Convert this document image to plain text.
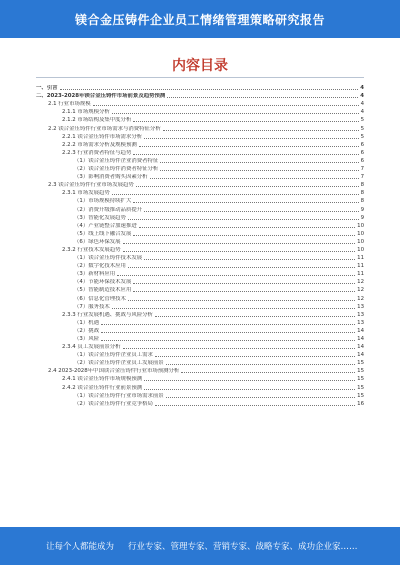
镁合金压铸件企业员工情绪管理策略研究报告
内容目录
一、引言	4
二、2023-2028年镁合金压铸件市场前景及趋势预测	4
2.1 行业市场规模	4
2.1.1 市场规模分析	4
2.1.2 市场结构及集中度分析	5
2.2 镁合金压铸件行业市场需求与消费特征分析	5
2.2.1 镁合金压铸件市场需求分析	5
2.2.2 市场需求分析及规模预测	6
2.2.3 行业消费者特征与趋势	6
（1）镁合金压铸件企业消费者特征	6
（2）镁合金压铸件消费者特征分析	7
（3）影响消费者购买因素分析	7
2.3 镁合金压铸件行业市场发展趋势	8
2.3.1 市场发展趋势	8
（1）市场规模持续扩大	8
（2）消费升级推动品质提升	9
（3）智能化发展趋势	9
（4）产业链整合加速推进	10
（5）线上线下融合发展	10
（6）绿色环保发展	10
2.3.2 行业技术发展趋势	10
（1）镁合金压铸件技术发展	11
（2）数字化技术应用	11
（3）新材料应用	11
（4）节能环保技术发展	12
（5）智能制造技术应用	12
（6）信息化管理技术	12
（7）服务技术	13
2.3.3 行业发展机遇、挑战与风险分析	13
（1）机遇	13
（2）挑战	14
（3）风险	14
2.3.4 员工发展前景分析	14
（1）镁合金压铸件企业员工需求	14
（2）镁合金压铸件企业员工发展前景	15
2.4 2023-2028年中国镁合金压铸件行业市场预测分析	15
2.4.1 镁合金压铸件市场规模预测	15
2.4.2 镁合金压铸件行业前景预测	15
（1）镁合金压铸件行业市场需求前景	15
（2）镁合金压铸件行业竞争格局	16
让每个人都能成为 行业专家、管理专家、营销专家、战略专家、成功企业家……
